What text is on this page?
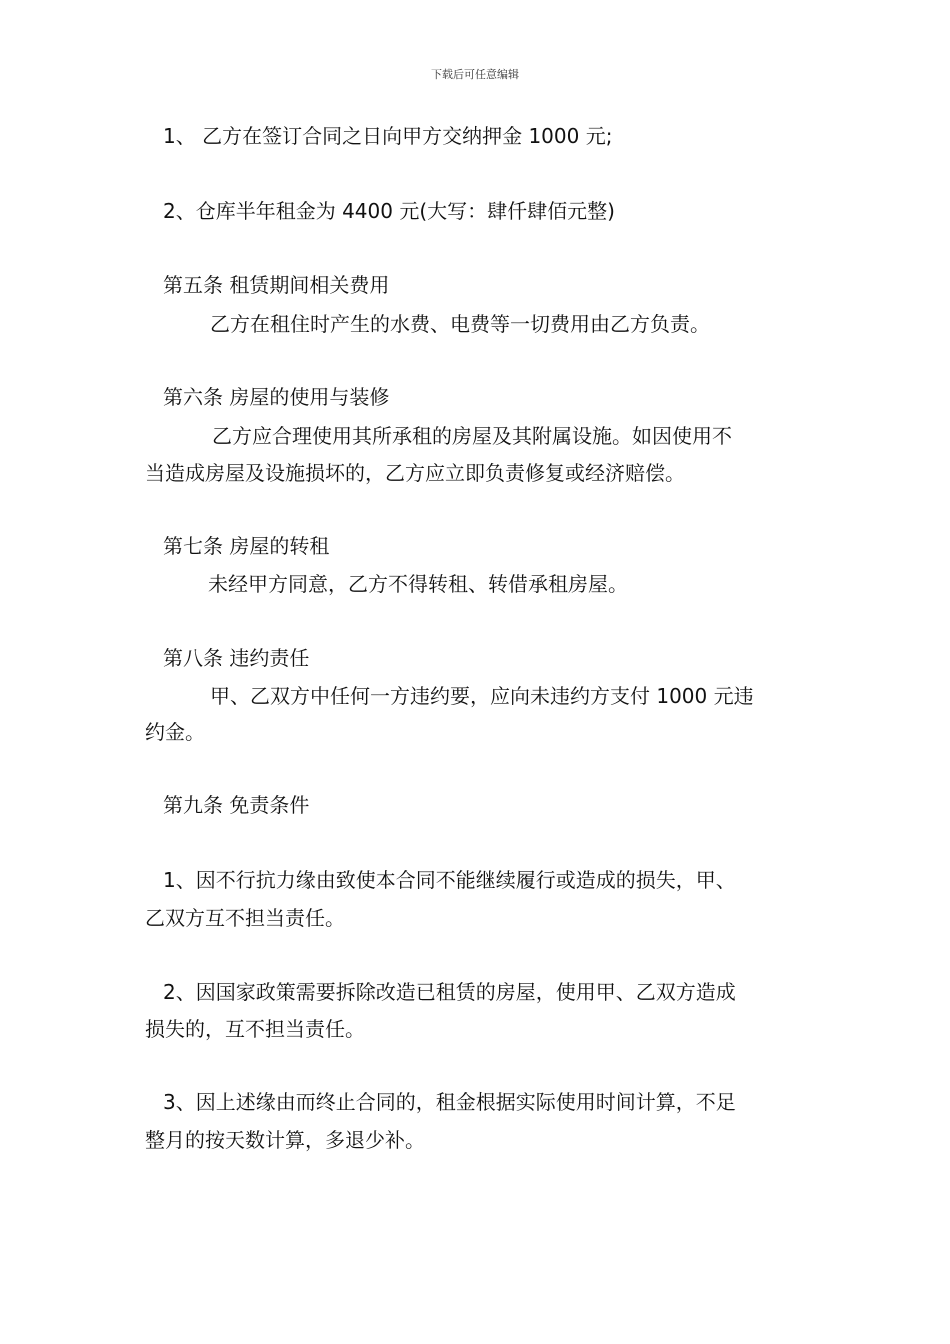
下载后可任意编辑
1、 乙方在签订合同之日向甲方交纳押金 1000 元;
2、仓库半年租金为 4400 元(大写：肆仟肆佰元整)
第五条 租赁期间相关费用
乙方在租住时产生的水费、电费等一切费用由乙方负责。
第六条 房屋的使用与装修
乙方应合理使用其所承租的房屋及其附属设施。如因使用不
当造成房屋及设施损坏的，乙方应立即负责修复或经济赔偿。
第七条 房屋的转租
未经甲方同意，乙方不得转租、转借承租房屋。
第八条 违约责任
甲、乙双方中任何一方违约要，应向未违约方支付 1000 元违
约金。
第九条 免责条件
1、因不行抗力缘由致使本合同不能继续履行或造成的损失，甲、
乙双方互不担当责任。
2、因国家政策需要拆除改造已租赁的房屋，使用甲、乙双方造成
损失的，互不担当责任。
3、因上述缘由而终止合同的，租金根据实际使用时间计算，不足
整月的按天数计算，多退少补。
